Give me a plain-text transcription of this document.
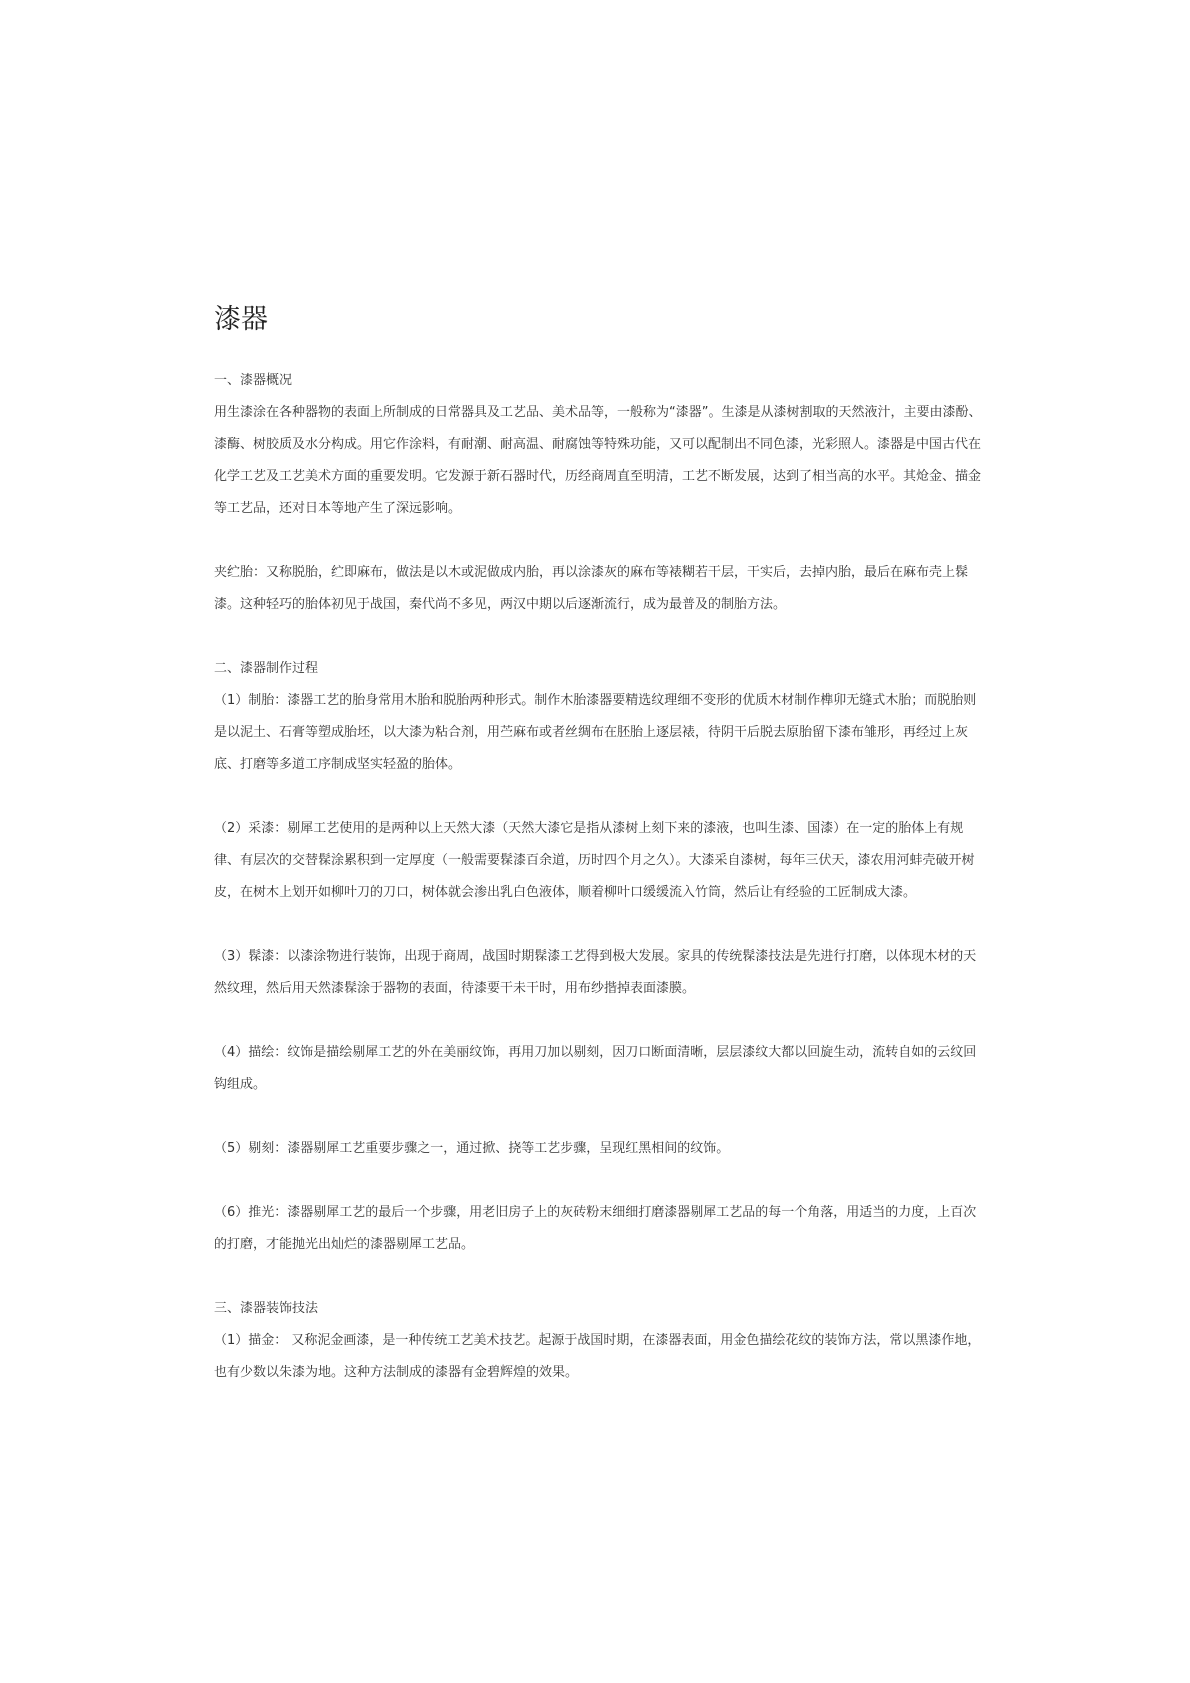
漆器

一、漆器概况

用生漆涂在各种器物的表面上所制成的日常器具及工艺品、美术品等，一般称为“漆器”。生漆是从漆树割取的天然液汁，主要由漆酚、漆酶、树胶质及水分构成。用它作涂料，有耐潮、耐高温、耐腐蚀等特殊功能，又可以配制出不同色漆，光彩照人。漆器是中国古代在化学工艺及工艺美术方面的重要发明。它发源于新石器时代，历经商周直至明清，工艺不断发展，达到了相当高的水平。其炝金、描金等工艺品，还对日本等地产生了深远影响。

夹纻胎：又称脱胎，纻即麻布，做法是以木或泥做成内胎，再以涂漆灰的麻布等裱糊若干层，干实后，去掉内胎，最后在麻布壳上髹漆。这种轻巧的胎体初见于战国，秦代尚不多见，两汉中期以后逐渐流行，成为最普及的制胎方法。

二、漆器制作过程

（1）制胎：漆器工艺的胎身常用木胎和脱胎两种形式。制作木胎漆器要精选纹理细不变形的优质木材制作榫卯无缝式木胎；而脱胎则是以泥土、石膏等塑成胎坯，以大漆为粘合剂，用苎麻布或者丝绸布在胚胎上逐层裱，待阴干后脱去原胎留下漆布雏形，再经过上灰底、打磨等多道工序制成坚实轻盈的胎体。

（2）采漆：剔犀工艺使用的是两种以上天然大漆（天然大漆它是指从漆树上刻下来的漆液，也叫生漆、国漆）在一定的胎体上有规律、有层次的交替髹涂累积到一定厚度（一般需要髹漆百余道，历时四个月之久）。大漆采自漆树，每年三伏天，漆农用河蚌壳破开树皮，在树木上划开如柳叶刀的刀口，树体就会渗出乳白色液体，顺着柳叶口缓缓流入竹筒，然后让有经验的工匠制成大漆。

（3）髹漆：以漆涂物进行装饰，出现于商周，战国时期髹漆工艺得到极大发展。家具的传统髹漆技法是先进行打磨，以体现木材的天然纹理，然后用天然漆髹涂于器物的表面，待漆要干未干时，用布纱揩掉表面漆膜。

（4）描绘：纹饰是描绘剔犀工艺的外在美丽纹饰，再用刀加以剔刻，因刀口断面清晰，层层漆纹大都以回旋生动，流转自如的云纹回钩组成。

（5）剔刻：漆器剔犀工艺重要步骤之一，通过掀、挠等工艺步骤，呈现红黑相间的纹饰。

（6）推光：漆器剔犀工艺的最后一个步骤，用老旧房子上的灰砖粉末细细打磨漆器剔犀工艺品的每一个角落，用适当的力度，上百次的打磨，才能抛光出灿烂的漆器剔犀工艺品。

三、漆器装饰技法

（1）描金： 又称泥金画漆，是一种传统工艺美术技艺。起源于战国时期，在漆器表面，用金色描绘花纹的装饰方法，常以黑漆作地，也有少数以朱漆为地。这种方法制成的漆器有金碧辉煌的效果。
